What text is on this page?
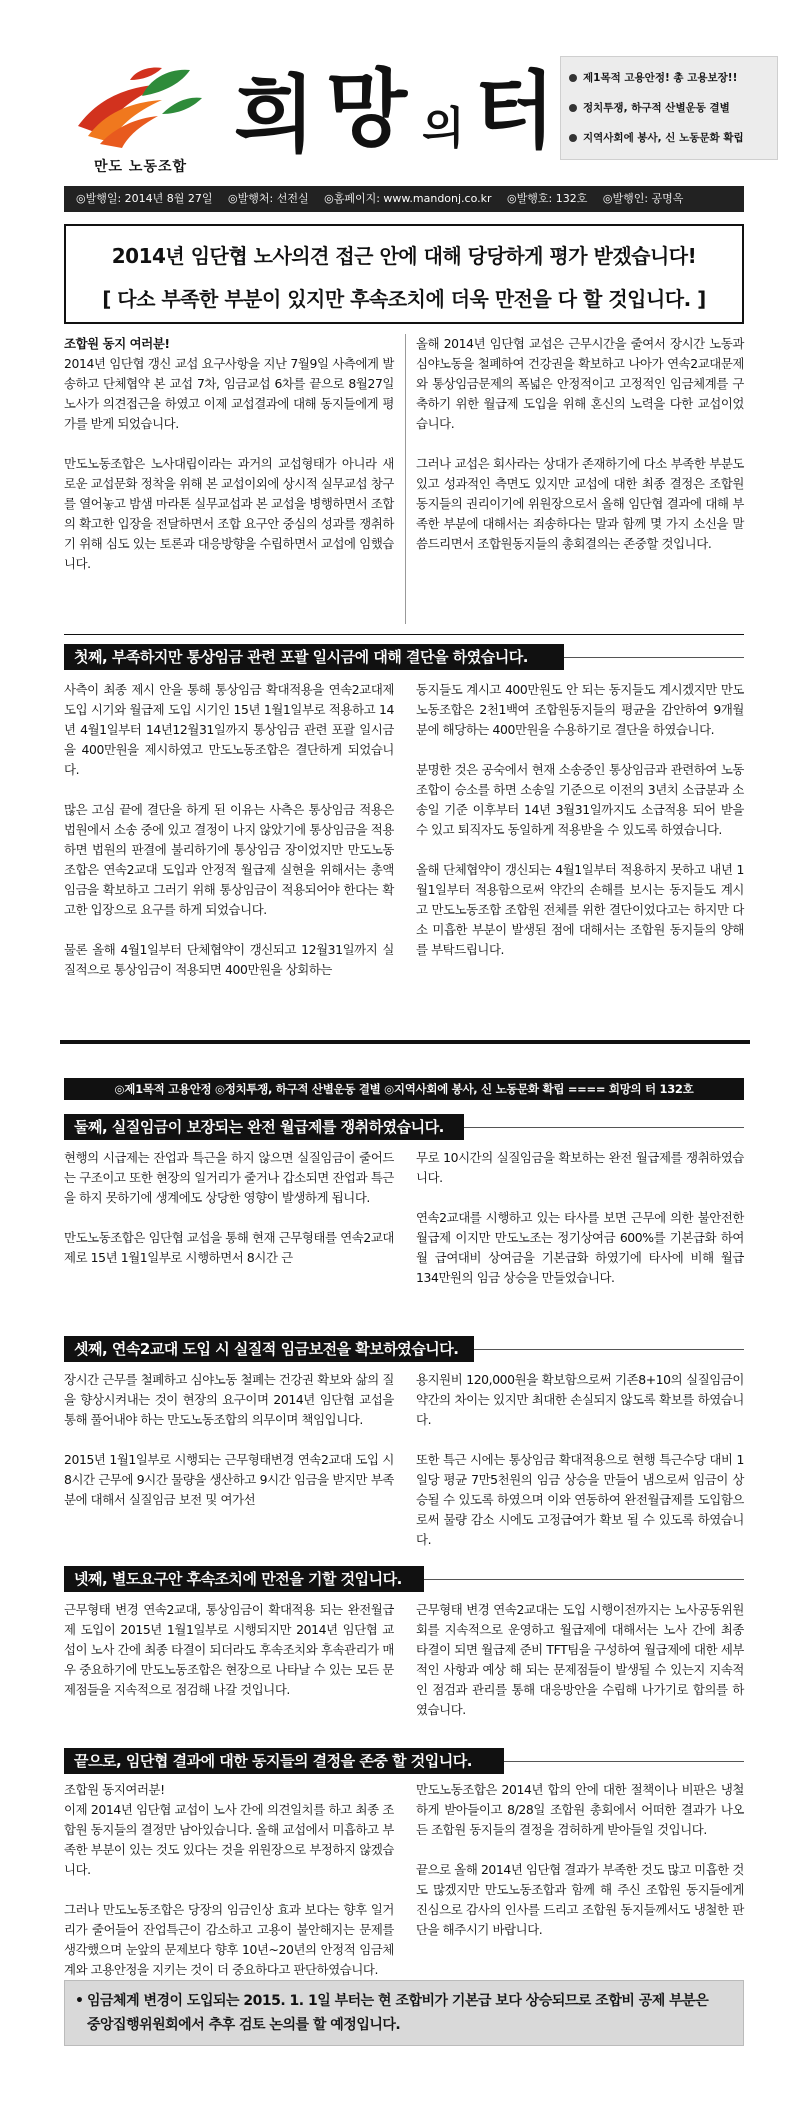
만도 노동조합
희 망 의 터	제1목적 고용안정! 총 고용보장!!
정치투쟁, 하구적 산별운동 결별
지역사회에 봉사, 신 노동문화 확립
◎발행일: 2014년 8월 27일 ◎발행처: 선전실 ◎홈페이지: www.mandonj.co.kr ◎발행호: 132호 ◎발행인: 공명옥
2014년 임단협 노사의견 접근 안에 대해 당당하게 평가 받겠습니다!
[ 다소 부족한 부분이 있지만 후속조치에 더욱 만전을 다 할 것입니다. ]

조합원 동지 여러분!

2014년 임단협 갱신 교섭 요구사항을 지난 7월9일 사측에게 발송하고 단체협약 본 교섭 7차, 임금교섭 6차를 끝으로 8월27일 노사가 의견접근을 하였고 이제 교섭결과에 대해 동지들에게 평가를 받게 되었습니다.

만도노동조합은 노사대립이라는 과거의 교섭형태가 아니라 새로운 교섭문화 정착을 위해 본 교섭이외에 상시적 실무교섭 창구를 열어놓고 밤샘 마라톤 실무교섭과 본 교섭을 병행하면서 조합의 확고한 입장을 전달하면서 조합 요구안 중심의 성과를 쟁취하기 위해 심도 있는 토론과 대응방향을 수립하면서 교섭에 임했습니다.

올해 2014년 임단협 교섭은 근무시간을 줄여서 장시간 노동과 심야노동을 철폐하여 건강권을 확보하고 나아가 연속2교대문제와 통상임금문제의 폭넓은 안정적이고 고정적인 임금체계를 구축하기 위한 월급제 도입을 위해 혼신의 노력을 다한 교섭이었습니다.

그러나 교섭은 회사라는 상대가 존재하기에 다소 부족한 부분도 있고 성과적인 측면도 있지만 교섭에 대한 최종 결정은 조합원동지들의 권리이기에 위원장으로서 올해 임단협 결과에 대해 부족한 부분에 대해서는 죄송하다는 말과 함께 몇 가지 소신을 말씀드리면서 조합원동지들의 총회결의는 존중할 것입니다.

첫째, 부족하지만 통상임금 관련 포괄 일시금에 대해 결단을 하였습니다.

사측이 최종 제시 안을 통해 통상임금 확대적용을 연속2교대제 도입 시기와 월급제 도입 시기인 15년 1월1일부로 적용하고 14년 4월1일부터 14년12월31일까지 통상임금 관련 포괄 일시금을 400만원을 제시하였고 만도노동조합은 결단하게 되었습니다.

많은 고심 끝에 결단을 하게 된 이유는 사측은 통상임금 적용은 법원에서 소송 중에 있고 결정이 나지 않았기에 통상임금을 적용하면 법원의 판결에 불리하기에 통상임금 장이었지만 만도노동조합은 연속2교대 도입과 안정적 월급제 실현을 위해서는 총액임금을 확보하고 그러기 위해 통상임금이 적용되어야 한다는 확고한 입장으로 요구를 하게 되었습니다.

물론 올해 4월1일부터 단체협약이 갱신되고 12월31일까지 실질적으로 통상임금이 적용되면 400만원을 상회하는

동지들도 계시고 400만원도 안 되는 동지들도 계시겠지만 만도노동조합은 2천1백여 조합원동지들의 평균을 감안하여 9개월분에 해당하는 400만원을 수용하기로 결단을 하였습니다.

분명한 것은 공숙에서 현재 소송중인 통상임금과 관련하여 노동조합이 승소를 하면 소송일 기준으로 이전의 3년치 소급분과 소송일 기준 이후부터 14년 3월31일까지도 소급적용 되어 받을 수 있고 퇴직자도 동일하게 적용받을 수 있도록 하였습니다.

올해 단체협약이 갱신되는 4월1일부터 적용하지 못하고 내년 1월1일부터 적용함으로써 약간의 손해를 보시는 동지들도 계시고 만도노동조합 조합원 전체를 위한 결단이었다고는 하지만 다소 미흡한 부분이 발생된 점에 대해서는 조합원 동지들의 양해를 부탁드립니다.

◎제1목적 고용안정 ◎정치투쟁, 하구적 산별운동 결별 ◎지역사회에 봉사, 신 노동문화 확립 ==== 희망의 터 132호
둘째, 실질임금이 보장되는 완전 월급제를 쟁취하였습니다.

현행의 시급제는 잔업과 특근을 하지 않으면 실질임금이 줄어드는 구조이고 또한 현장의 일거리가 줄거나 갑소되면 잔업과 특근을 하지 못하기에 생계에도 상당한 영향이 발생하게 됩니다.

만도노동조합은 임단협 교섭을 통해 현재 근무형태를 연속2교대제로 15년 1월1일부로 시행하면서 8시간 근

무로 10시간의 실질임금을 확보하는 완전 월급제를 쟁취하였습니다.

연속2교대를 시행하고 있는 타사를 보면 근무에 의한 불안전한 월급제 이지만 만도노조는 정기상여금 600%를 기본급화 하여 월 급여대비 상여금을 기본급화 하였기에 타사에 비해 월급 134만원의 임금 상승을 만들었습니다.

셋째, 연속2교대 도입 시 실질적 임금보전을 확보하였습니다.

장시간 근무를 철폐하고 심야노동 철폐는 건강권 확보와 삶의 질을 향상시켜내는 것이 현장의 요구이며 2014년 임단협 교섭을 통해 풀어내야 하는 만도노동조합의 의무이며 책임입니다.

2015년 1월1일부로 시행되는 근무형태변경 연속2교대 도입 시 8시간 근무에 9시간 물량을 생산하고 9시간 임금을 받지만 부족분에 대해서 실질임금 보전 및 여가선

용지원비 120,000원을 확보함으로써 기존8+10의 실질임금이 약간의 차이는 있지만 최대한 손실되지 않도록 확보를 하였습니다.

또한 특근 시에는 통상임금 확대적용으로 현행 특근수당 대비 1일당 평균 7만5천원의 임금 상승을 만들어 냄으로써 임금이 상승될 수 있도록 하였으며 이와 연동하여 완전월급제를 도입함으로써 물량 감소 시에도 고정급여가 확보 될 수 있도록 하였습니다.

넷째, 별도요구안 후속조치에 만전을 기할 것입니다.

근무형태 변경 연속2교대, 통상임금이 확대적용 되는 완전월급제 도입이 2015년 1월1일부로 시행되지만 2014년 임단협 교섭이 노사 간에 최종 타결이 되더라도 후속조치와 후속관리가 매우 중요하기에 만도노동조합은 현장으로 나타날 수 있는 모든 문제점들을 지속적으로 점검해 나갈 것입니다.

근무형태 변경 연속2교대는 도입 시행이전까지는 노사공동위원회를 지속적으로 운영하고 월급제에 대해서는 노사 간에 최종 타결이 되면 월급제 준비 TFT팀을 구성하여 월급제에 대한 세부적인 사항과 예상 해 되는 문제점들이 발생될 수 있는지 지속적인 점검과 관리를 통해 대응방안을 수립해 나가기로 합의를 하였습니다.

끝으로, 임단협 결과에 대한 동지들의 결정을 존중 할 것입니다.

조합원 동지여러분!

이제 2014년 임단협 교섭이 노사 간에 의견일치를 하고 최종 조합원 동지들의 결정만 남아있습니다. 올해 교섭에서 미흡하고 부족한 부분이 있는 것도 있다는 것을 위원장으로 부정하지 않겠습니다.

그러나 만도노동조합은 당장의 임금인상 효과 보다는 향후 일거리가 줄어들어 잔업특근이 감소하고 고용이 불안해지는 문제를 생각했으며 눈앞의 문제보다 향후 10년~20년의 안정적 임금체계와 고용안정을 지키는 것이 더 중요하다고 판단하였습니다.

만도노동조합은 2014년 합의 안에 대한 절책이나 비판은 냉철하게 받아들이고 8/28일 조합원 총회에서 어떠한 결과가 나오든 조합원 동지들의 결정을 겸허하게 받아들일 것입니다.

끝으로 올해 2014년 임단협 결과가 부족한 것도 많고 미흡한 것도 많겠지만 만도노동조합과 함께 해 주신 조합원 동지들에게 진심으로 감사의 인사를 드리고 조합원 동지들께서도 냉철한 판단을 해주시기 바랍니다.

• 임금체계 변경이 도입되는 2015. 1. 1일 부터는 현 조합비가 기본급 보다 상승되므로 조합비 공제 부분은
중앙집행위원회에서 추후 검토 논의를 할 예정입니다.
